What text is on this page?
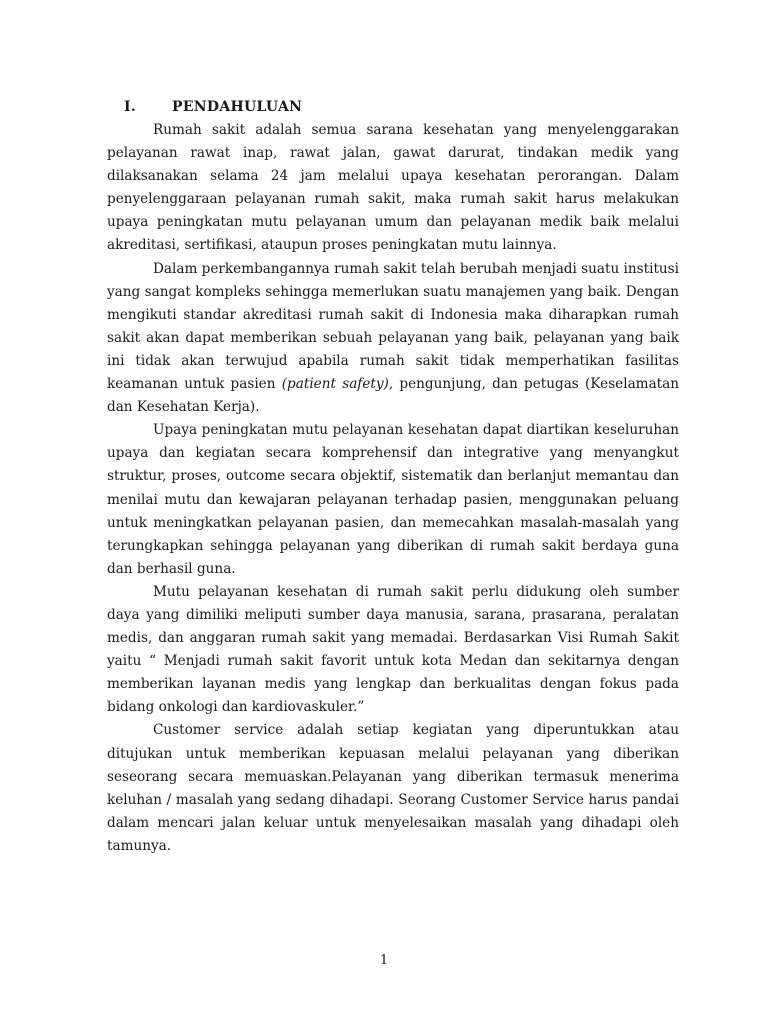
I.	PENDAHULUAN

Rumah sakit adalah semua sarana kesehatan yang menyelenggarakan pelayanan rawat inap, rawat jalan, gawat darurat, tindakan medik yang dilaksanakan selama 24 jam melalui upaya kesehatan perorangan. Dalam penyelenggaraan pelayanan rumah sakit, maka rumah sakit harus melakukan upaya peningkatan mutu pelayanan umum dan pelayanan medik baik melalui akreditasi, sertifikasi, ataupun proses peningkatan mutu lainnya.

Dalam perkembangannya rumah sakit telah berubah menjadi suatu institusi yang sangat kompleks sehingga memerlukan suatu manajemen yang baik. Dengan mengikuti standar akreditasi rumah sakit di Indonesia maka diharapkan rumah sakit akan dapat memberikan sebuah pelayanan yang baik, pelayanan yang baik ini tidak akan terwujud apabila rumah sakit tidak memperhatikan fasilitas keamanan untuk pasien (patient safety), pengunjung, dan petugas (Keselamatan dan Kesehatan Kerja).

Upaya peningkatan mutu pelayanan kesehatan dapat diartikan keseluruhan upaya dan kegiatan secara komprehensif dan integrative yang menyangkut struktur, proses, outcome secara objektif, sistematik dan berlanjut memantau dan menilai mutu dan kewajaran pelayanan terhadap pasien, menggunakan peluang untuk meningkatkan pelayanan pasien, dan memecahkan masalah-masalah yang terungkapkan sehingga pelayanan yang diberikan di rumah sakit berdaya guna dan berhasil guna.

Mutu pelayanan kesehatan di rumah sakit perlu didukung oleh sumber daya yang dimiliki meliputi sumber daya manusia, sarana, prasarana, peralatan medis, dan anggaran rumah sakit yang memadai. Berdasarkan Visi Rumah Sakit yaitu “ Menjadi rumah sakit favorit untuk kota Medan dan sekitarnya dengan memberikan layanan medis yang lengkap dan berkualitas dengan fokus pada bidang onkologi dan kardiovaskuler.”

Customer service adalah setiap kegiatan yang diperuntukkan atau ditujukan untuk memberikan kepuasan melalui pelayanan yang diberikan seseorang secara memuaskan.Pelayanan yang diberikan termasuk menerima keluhan / masalah yang sedang dihadapi. Seorang Customer Service harus pandai dalam mencari jalan keluar untuk menyelesaikan masalah yang dihadapi oleh tamunya.

1
